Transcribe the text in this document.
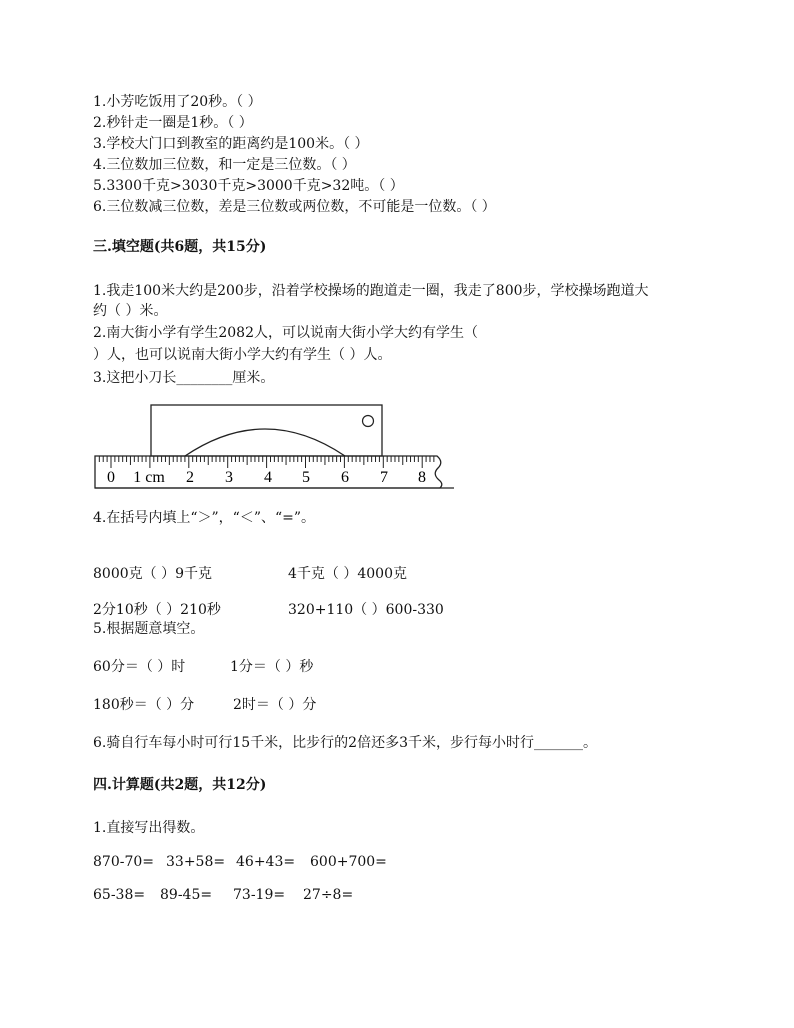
1.小芳吃饭用了20秒。（ ）
2.秒针走一圈是1秒。（ ）
3.学校大门口到教室的距离约是100米。（ ）
4.三位数加三位数，和一定是三位数。（ ）
5.3300千克>3030千克>3000千克>32吨。（ ）
6.三位数减三位数，差是三位数或两位数，不可能是一位数。（ ）
三.填空题(共6题，共15分)
1.我走100米大约是200步，沿着学校操场的跑道走一圈，我走了800步，学校操场跑道大
约（ ）米。
2.南大街小学有学生2082人，可以说南大街小学大约有学生（
）人，也可以说南大街小学大约有学生（ ）人。
3.这把小刀长________厘米。
0 1 cm 2 3 4 5 6 7 8
4.在括号内填上“＞”，“＜”、“=”。
8000克（ ）9千克	4千克（ ）4000克
2分10秒（ ）210秒	320+110（ ）600-330
5.根据题意填空。
60分＝（ ）时	1分＝（ ）秒
180秒＝（ ）分	2时＝（ ）分
6.骑自行车每小时可行15千米，比步行的2倍还多3千米，步行每小时行_______。
四.计算题(共2题，共12分)
1.直接写出得数。
870-70= 33+58= 46+43= 600+700=
65-38= 89-45= 73-19= 27÷8=
